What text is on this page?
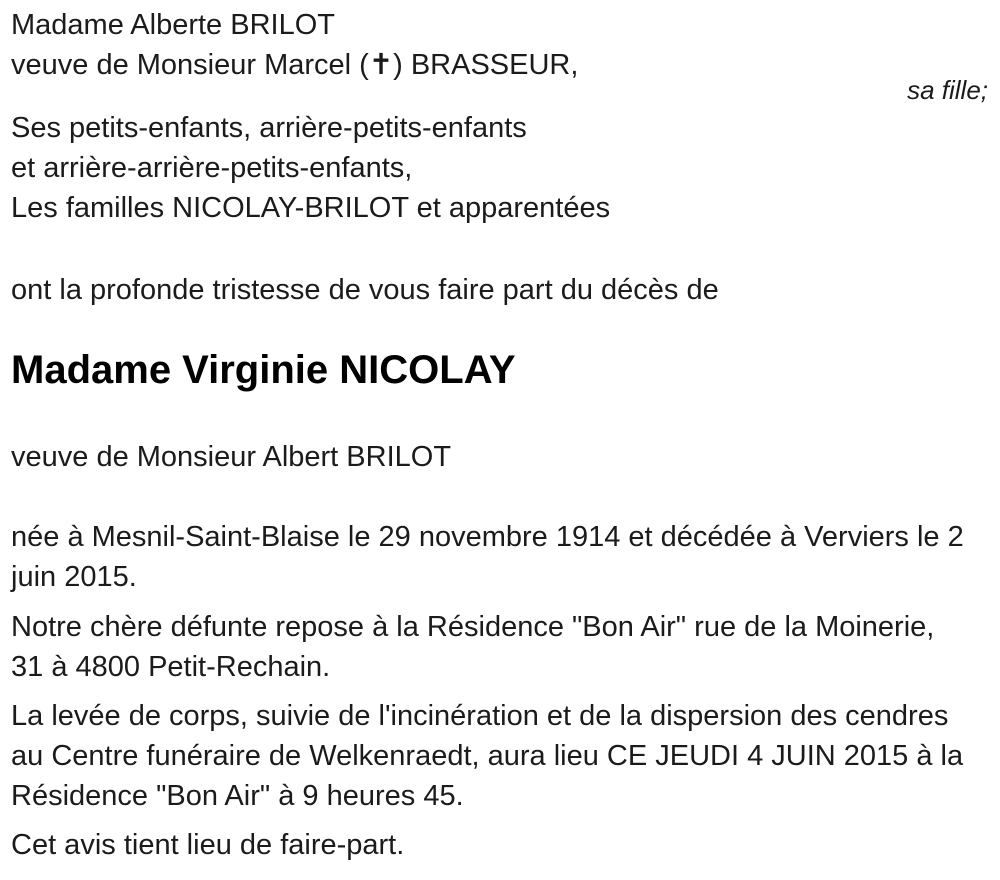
Madame Alberte BRILOT
veuve de Monsieur Marcel (✝) BRASSEUR,
sa fille;
Ses petits-enfants, arrière-petits-enfants
et arrière-arrière-petits-enfants,
Les familles NICOLAY-BRILOT et apparentées
ont la profonde tristesse de vous faire part du décès de
Madame Virginie NICOLAY
veuve de Monsieur Albert BRILOT
née à Mesnil-Saint-Blaise le 29 novembre 1914 et décédée à Verviers le 2
juin 2015.
Notre chère défunte repose à la Résidence "Bon Air" rue de la Moinerie,
31 à 4800 Petit-Rechain.
La levée de corps, suivie de l'incinération et de la dispersion des cendres
au Centre funéraire de Welkenraedt, aura lieu CE JEUDI 4 JUIN 2015 à la
Résidence "Bon Air" à 9 heures 45.
Cet avis tient lieu de faire-part.
